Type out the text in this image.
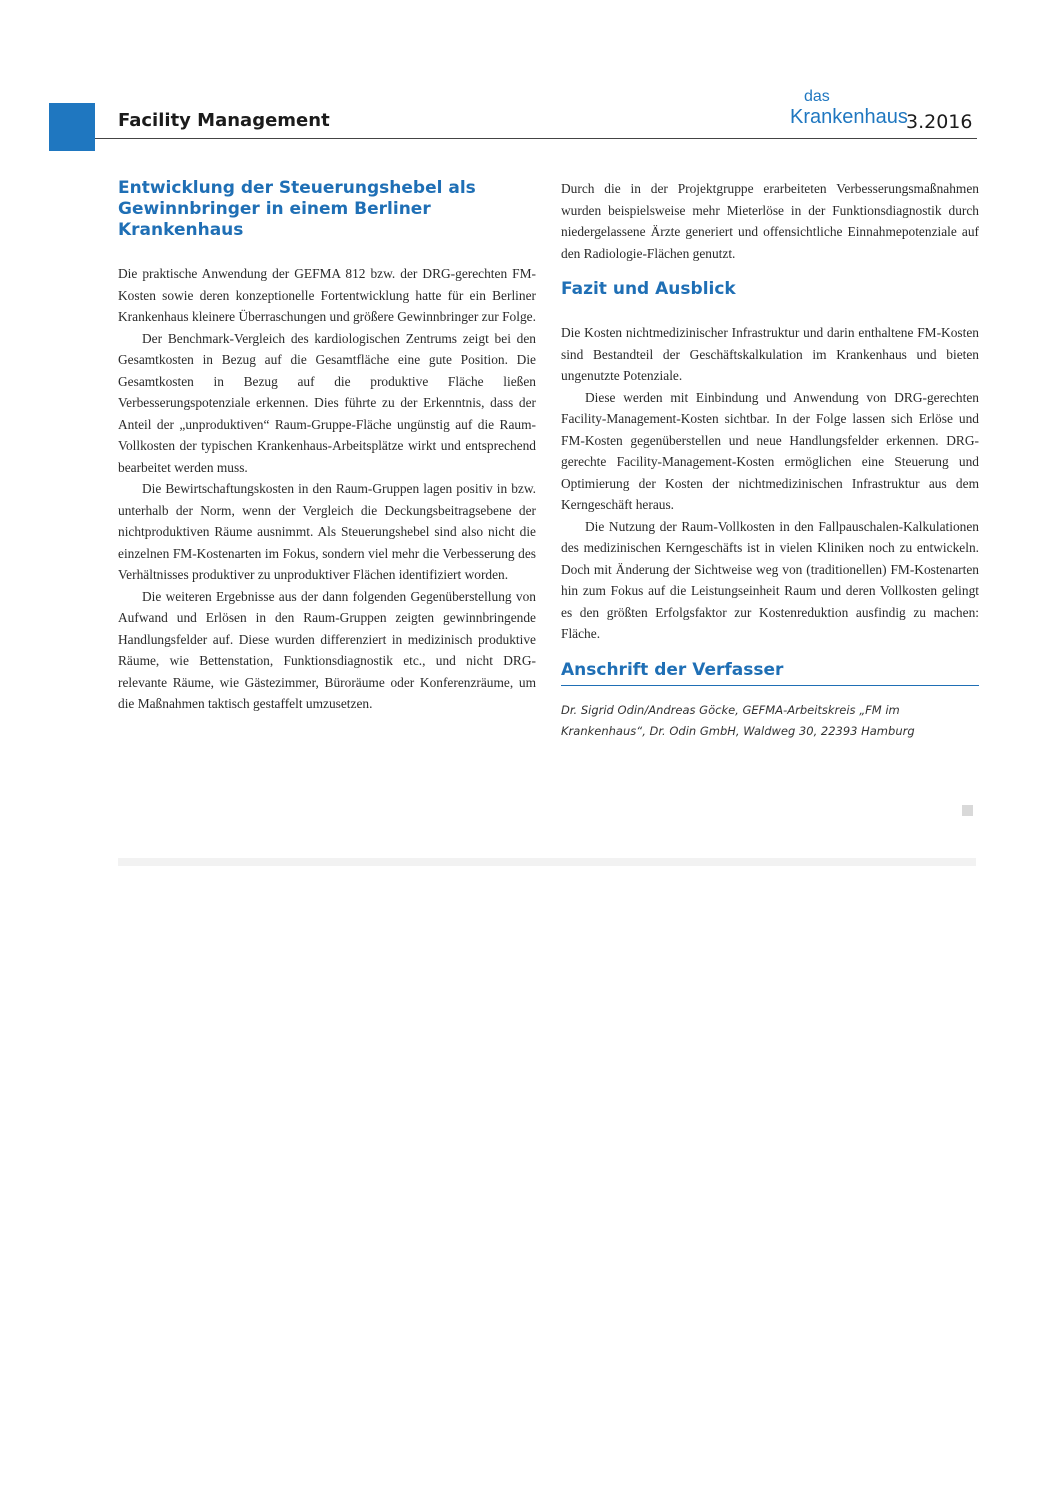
Facility Management
das
Krankenhaus
3.2016
Entwicklung der Steuerungshebel als Gewinnbringer in einem Berliner Krankenhaus

Die praktische Anwendung der GEFMA 812 bzw. der DRG-gerechten FM-Kosten sowie deren konzeptionelle Fortentwicklung hatte für ein Berliner Krankenhaus kleinere Überraschungen und größere Gewinnbringer zur Folge.

Der Benchmark-Vergleich des kardiologischen Zentrums zeigt bei den Gesamtkosten in Bezug auf die Gesamtfläche eine gute Position. Die Gesamtkosten in Bezug auf die produktive Fläche ließen Verbesserungspotenziale erkennen. Dies führte zu der Erkenntnis, dass der Anteil der „unproduktiven“ Raum-Gruppe-Fläche ungünstig auf die Raum-Vollkosten der typischen Krankenhaus-Arbeitsplätze wirkt und entsprechend bearbeitet werden muss.

Die Bewirtschaftungskosten in den Raum-Gruppen lagen positiv in bzw. unterhalb der Norm, wenn der Vergleich die Deckungsbeitragsebene der nichtproduktiven Räume ausnimmt. Als Steuerungshebel sind also nicht die einzelnen FM-Kostenarten im Fokus, sondern viel mehr die Verbesserung des Verhältnisses produktiver zu unproduktiver Flächen identifiziert worden.

Die weiteren Ergebnisse aus der dann folgenden Gegenüberstellung von Aufwand und Erlösen in den Raum-Gruppen zeigten gewinnbringende Handlungsfelder auf. Diese wurden differenziert in medizinisch produktive Räume, wie Bettenstation, Funktionsdiagnostik etc., und nicht DRG-relevante Räume, wie Gästezimmer, Büroräume oder Konferenzräume, um die Maßnahmen taktisch gestaffelt umzusetzen.

Durch die in der Projektgruppe erarbeiteten Verbesserungsmaßnahmen wurden beispielsweise mehr Mieterlöse in der Funktionsdiagnostik durch niedergelassene Ärzte generiert und offensichtliche Einnahmepotenziale auf den Radiologie-Flächen genutzt.

Fazit und Ausblick

Die Kosten nichtmedizinischer Infrastruktur und darin enthaltene FM-Kosten sind Bestandteil der Geschäftskalkulation im Krankenhaus und bieten ungenutzte Potenziale.

Diese werden mit Einbindung und Anwendung von DRG-gerechten Facility-Management-Kosten sichtbar. In der Folge lassen sich Erlöse und FM-Kosten gegenüberstellen und neue Handlungsfelder erkennen. DRG-gerechte Facility-Management-Kosten ermöglichen eine Steuerung und Optimierung der Kosten der nichtmedizinischen Infrastruktur aus dem Kerngeschäft heraus.

Die Nutzung der Raum-Vollkosten in den Fallpauschalen-Kalkulationen des medizinischen Kerngeschäfts ist in vielen Kliniken noch zu entwickeln. Doch mit Änderung der Sichtweise weg von (traditionellen) FM-Kostenarten hin zum Fokus auf die Leistungseinheit Raum und deren Vollkosten gelingt es den größten Erfolgsfaktor zur Kostenreduktion ausfindig zu machen: Fläche.

Anschrift der Verfasser

Dr. Sigrid Odin/Andreas Göcke, GEFMA-Arbeitskreis „FM im Krankenhaus“, Dr. Odin GmbH, Waldweg 30, 22393 Hamburg
